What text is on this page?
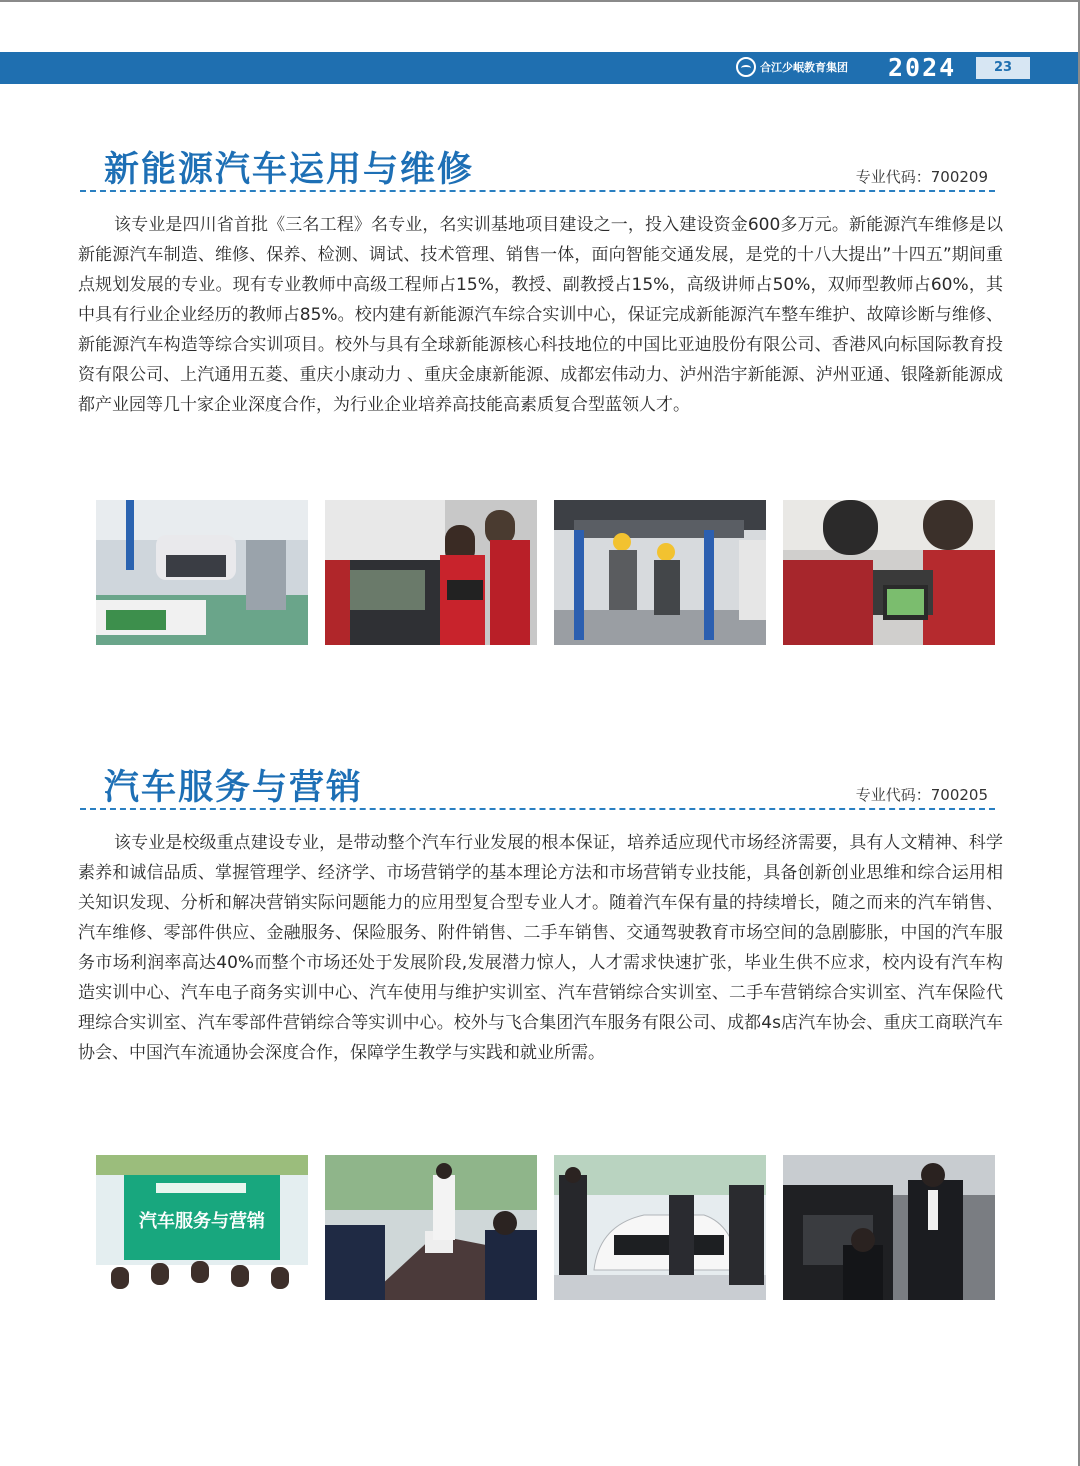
合江少岷教育集团 2024	23
新能源汽车运用与维修	专业代码：700209

该专业是四川省首批《三名工程》名专业，名实训基地项目建设之一，投入建设资金600多万元。新能源汽车维修是以新能源汽车制造、维修、保养、检测、调试、技术管理、销售一体，面向智能交通发展，是党的十八大提出”十四五”期间重点规划发展的专业。现有专业教师中高级工程师占15%，教授、副教授占15%，高级讲师占50%，双师型教师占60%，其中具有行业企业经历的教师占85%。校内建有新能源汽车综合实训中心，保证完成新能源汽车整车维护、故障诊断与维修、新能源汽车构造等综合实训项目。校外与具有全球新能源核心科技地位的中国比亚迪股份有限公司、香港风向标国际教育投资有限公司、上汽通用五菱、重庆小康动力 、重庆金康新能源、成都宏伟动力、泸州浩宇新能源、泸州亚通、银隆新能源成都产业园等几十家企业深度合作，为行业企业培养高技能高素质复合型蓝领人才。

汽车服务与营销	专业代码：700205

该专业是校级重点建设专业，是带动整个汽车行业发展的根本保证，培养适应现代市场经济需要，具有人文精神、科学素养和诚信品质、掌握管理学、经济学、市场营销学的基本理论方法和市场营销专业技能，具备创新创业思维和综合运用相关知识发现、分析和解决营销实际问题能力的应用型复合型专业人才。随着汽车保有量的持续增长，随之而来的汽车销售、汽车维修、零部件供应、金融服务、保险服务、附件销售、二手车销售、交通驾驶教育市场空间的急剧膨胀，中国的汽车服务市场利润率高达40%而整个市场还处于发展阶段,发展潜力惊人，人才需求快速扩张，毕业生供不应求，校内设有汽车构造实训中心、汽车电子商务实训中心、汽车使用与维护实训室、汽车营销综合实训室、二手车营销综合实训室、汽车保险代理综合实训室、汽车零部件营销综合等实训中心。校外与飞合集团汽车服务有限公司、成都4s店汽车协会、重庆工商联汽车协会、中国汽车流通协会深度合作，保障学生教学与实践和就业所需。

汽车服务与营销
